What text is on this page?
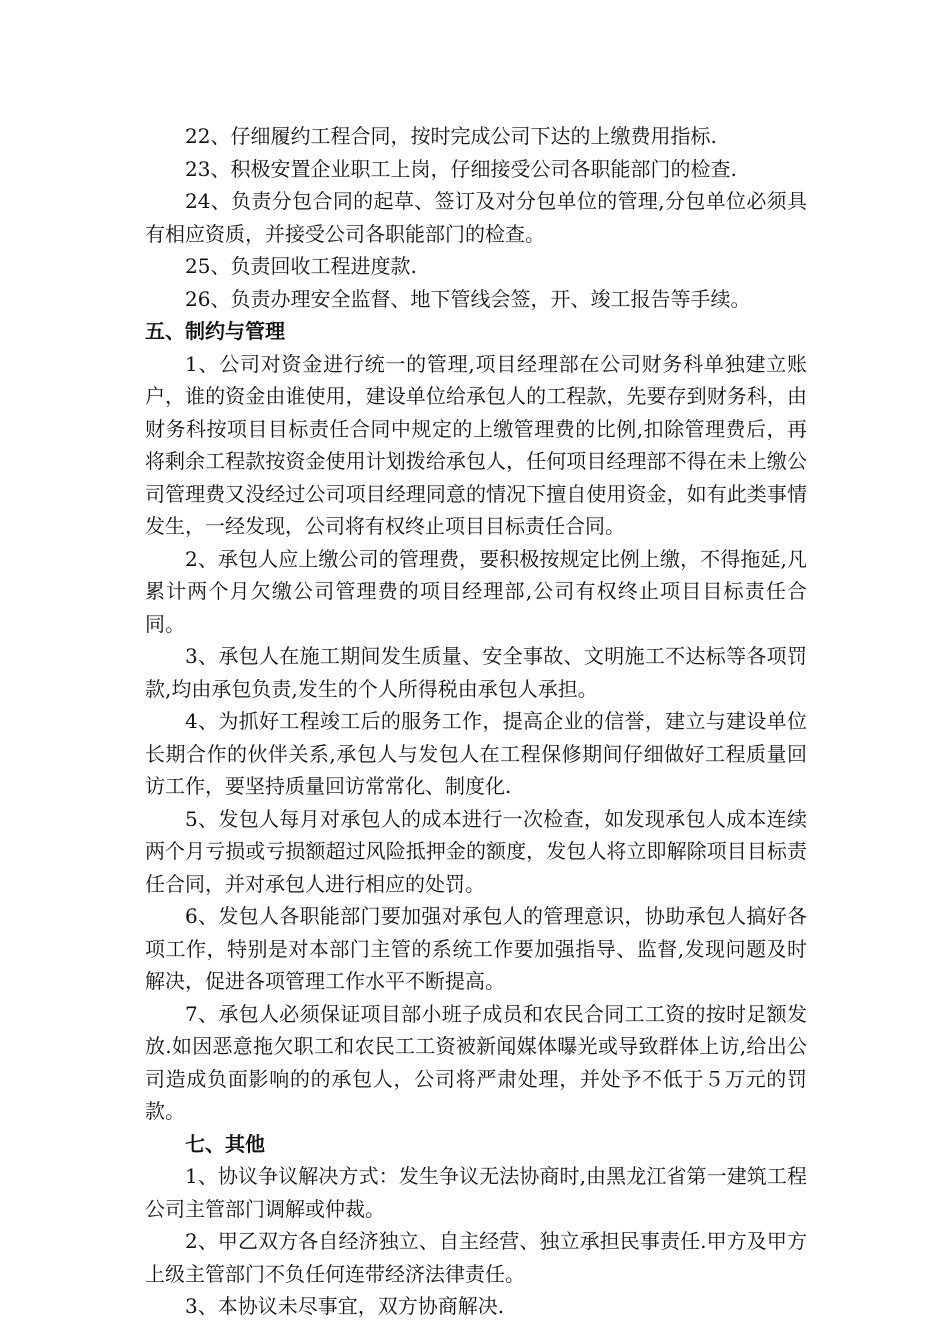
22、仔细履约工程合同，按时完成公司下达的上缴费用指标.

23、积极安置企业职工上岗，仔细接受公司各职能部门的检查.

24、负责分包合同的起草、签订及对分包单位的管理,分包单位必须具有相应资质，并接受公司各职能部门的检查。

25、负责回收工程进度款.

26、负责办理安全监督、地下管线会签，开、竣工报告等手续。

五、制约与管理

1、公司对资金进行统一的管理,项目经理部在公司财务科单独建立账户，谁的资金由谁使用，建设单位给承包人的工程款，先要存到财务科，由财务科按项目目标责任合同中规定的上缴管理费的比例,扣除管理费后，再将剩余工程款按资金使用计划拨给承包人，任何项目经理部不得在未上缴公司管理费又没经过公司项目经理同意的情况下擅自使用资金，如有此类事情发生，一经发现，公司将有权终止项目目标责任合同。

2、承包人应上缴公司的管理费，要积极按规定比例上缴，不得拖延,凡累计两个月欠缴公司管理费的项目经理部,公司有权终止项目目标责任合同。

3、承包人在施工期间发生质量、安全事故、文明施工不达标等各项罚款,均由承包负责,发生的个人所得税由承包人承担。

4、为抓好工程竣工后的服务工作，提高企业的信誉，建立与建设单位长期合作的伙伴关系,承包人与发包人在工程保修期间仔细做好工程质量回访工作，要坚持质量回访常常化、制度化.

5、发包人每月对承包人的成本进行一次检查，如发现承包人成本连续两个月亏损或亏损额超过风险抵押金的额度，发包人将立即解除项目目标责任合同，并对承包人进行相应的处罚。

6、发包人各职能部门要加强对承包人的管理意识，协助承包人搞好各项工作，特别是对本部门主管的系统工作要加强指导、监督,发现问题及时解决，促进各项管理工作水平不断提高。

7、承包人必须保证项目部小班子成员和农民合同工工资的按时足额发放.如因恶意拖欠职工和农民工工资被新闻媒体曝光或导致群体上访,给出公司造成负面影响的的承包人，公司将严肃处理，并处予不低于５万元的罚款。

七、其他

1、协议争议解决方式：发生争议无法协商时,由黑龙江省第一建筑工程公司主管部门调解或仲裁。

2、甲乙双方各自经济独立、自主经营、独立承担民事责任.甲方及甲方上级主管部门不负任何连带经济法律责任。

3、本协议未尽事宜，双方协商解决.
